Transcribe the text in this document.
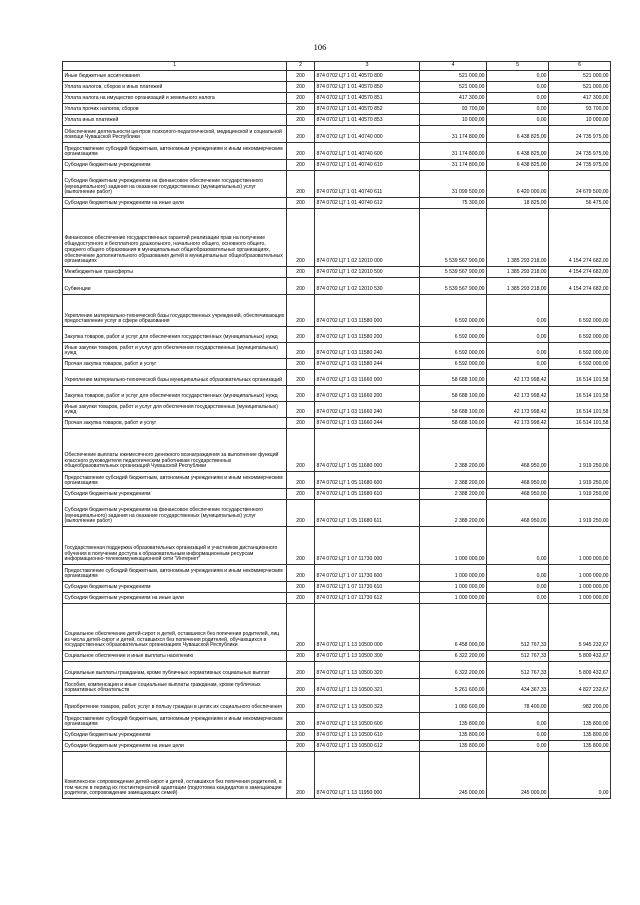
106
1	2	3	4	5	6
Иные бюджетные ассигнования	200	874 0702 Ц7 1 01 40570 800	521 000,00	0,00	521 000,00
Уплата налогов, сборов и иных платежей	200	874 0702 Ц7 1 01 40570 850	521 000,00	0,00	521 000,00
Уплата налога на имущество организаций и земельного налога	200	874 0702 Ц7 1 01 40570 851	417 300,00	0,00	417 300,00
Уплата прочих налогов, сборов	200	874 0702 Ц7 1 01 40570 852	93 700,00	0,00	93 700,00
Уплата иных платежей	200	874 0702 Ц7 1 01 40570 853	10 000,00	0,00	10 000,00
Обеспечение деятельности центров психолого-педагогической, медицинской и социальной помощи Чувашской Республики	200	874 0702 Ц7 1 01 40740 000	31 174 800,00	6 438 825,00	24 735 975,00
Предоставление субсидий бюджетным, автономным учреждениям и иным некоммерческим организациям	200	874 0702 Ц7 1 01 40740 600	31 174 800,00	6 438 825,00	24 735 975,00
Субсидии бюджетным учреждениям	200	874 0702 Ц7 1 01 40740 610	31 174 800,00	6 438 825,00	24 735 975,00
Субсидии бюджетным учреждениям на финансовое обеспечение государственного (муниципального) задания на оказание государственных (муниципальных) услуг (выполнение работ)	200	874 0702 Ц7 1 01 40740 611	31 099 500,00	6 420 000,00	24 679 500,00
Субсидии бюджетным учреждениям на иные цели	200	874 0702 Ц7 1 01 40740 612	75 300,00	18 825,00	56 475,00
Финансовое обеспечение государственных гарантий реализации прав на получение общедоступного и бесплатного дошкольного, начального общего, основного общего, среднего общего образования в муниципальных общеобразовательных организациях, обеспечение дополнительного образования детей в муниципальных общеобразовательных организациях	200	874 0702 Ц7 1 02 12010 000	5 539 567 900,00	1 385 293 218,00	4 154 274 682,00
Межбюджетные трансферты	200	874 0702 Ц7 1 02 12010 500	5 539 567 900,00	1 385 293 218,00	4 154 274 682,00
Субвенции	200	874 0702 Ц7 1 02 12010 530	5 539 567 900,00	1 385 293 218,00	4 154 274 682,00
Укрепление материально-технической базы государственных учреждений, обеспечивающих предоставление услуг в сфере образования	200	874 0702 Ц7 1 03 11580 000	6 592 000,00	0,00	6 592 000,00
Закупка товаров, работ и услуг для обеспечения государственных (муниципальных) нужд	200	874 0702 Ц7 1 03 11580 200	6 592 000,00	0,00	6 592 000,00
Иные закупки товаров, работ и услуг для обеспечения государственных (муниципальных) нужд	200	874 0702 Ц7 1 03 11580 240	6 592 000,00	0,00	6 592 000,00
Прочая закупка товаров, работ и услуг	200	874 0702 Ц7 1 03 11580 244	6 592 000,00	0,00	6 592 000,00
Укрепление материально-технической базы муниципальных образовательных организаций	200	874 0702 Ц7 1 03 11660 000	58 688 100,00	42 173 998,42	16 514 101,58
Закупка товаров, работ и услуг для обеспечения государственных (муниципальных) нужд	200	874 0702 Ц7 1 03 11660 200	58 688 100,00	42 173 998,42	16 514 101,58
Иные закупки товаров, работ и услуг для обеспечения государственных (муниципальных) нужд	200	874 0702 Ц7 1 03 11660 240	58 688 100,00	42 173 998,42	16 514 101,58
Прочая закупка товаров, работ и услуг	200	874 0702 Ц7 1 03 11660 244	58 688 100,00	42 173 998,42	16 514 101,58
Обеспечение выплаты ежемесячного денежного вознаграждения за выполнение функций классного руководителя педагогическим работникам государственных общеобразовательных организаций Чувашской Республики	200	874 0702 Ц7 1 05 11680 000	2 388 200,00	468 950,00	1 919 250,00
Предоставление субсидий бюджетным, автономным учреждениям и иным некоммерческим организациям	200	874 0702 Ц7 1 05 11680 600	2 388 200,00	468 950,00	1 919 250,00
Субсидии бюджетным учреждениям	200	874 0702 Ц7 1 05 11680 610	2 388 200,00	468 950,00	1 919 250,00
Субсидии бюджетным учреждениям на финансовое обеспечение государственного (муниципального) задания на оказание государственных (муниципальных) услуг (выполнение работ)	200	874 0702 Ц7 1 05 11680 611	2 388 200,00	468 950,00	1 919 250,00
Государственная поддержка образовательных организаций и участников дистанционного обучения в получении доступа к образовательным информационным ресурсам информационно-телекоммуникационной сети "Интернет"	200	874 0702 Ц7 1 07 11730 000	1 000 000,00	0,00	1 000 000,00
Предоставление субсидий бюджетным, автономным учреждениям и иным некоммерческим организациям	200	874 0702 Ц7 1 07 11730 600	1 000 000,00	0,00	1 000 000,00
Субсидии бюджетным учреждениям	200	874 0702 Ц7 1 07 11730 610	1 000 000,00	0,00	1 000 000,00
Субсидии бюджетным учреждениям на иные цели	200	874 0702 Ц7 1 07 11730 612	1 000 000,00	0,00	1 000 000,00
Социальное обеспечение детей-сирот и детей, оставшихся без попечения родителей, лиц из числа детей-сирот и детей, оставшихся без попечения родителей, обучающихся в государственных образовательных организациях Чувашской Республики	200	874 0702 Ц7 1 13 10500 000	6 458 000,00	512 767,33	5 945 232,67
Социальное обеспечение и иные выплаты населению	200	874 0702 Ц7 1 13 10500 300	6 322 200,00	512 767,33	5 809 432,67
Социальные выплаты гражданам, кроме публичных нормативных социальных выплат	200	874 0702 Ц7 1 13 10500 320	6 322 200,00	512 767,33	5 809 432,67
Пособия, компенсации и иные социальные выплаты гражданам, кроме публичных нормативных обязательств	200	874 0702 Ц7 1 13 10500 321	5 261 600,00	434 367,33	4 827 232,67
Приобретение товаров, работ, услуг в пользу граждан в целях их социального обеспечения	200	874 0702 Ц7 1 13 10500 323	1 060 600,00	78 400,00	982 200,00
Предоставление субсидий бюджетным, автономным учреждениям и иным некоммерческим организациям	200	874 0702 Ц7 1 13 10500 600	135 800,00	0,00	135 800,00
Субсидии бюджетным учреждениям	200	874 0702 Ц7 1 13 10500 610	135 800,00	0,00	135 800,00
Субсидии бюджетным учреждениям на иные цели	200	874 0702 Ц7 1 13 10500 612	135 800,00	0,00	135 800,00
Комплексное сопровождение детей-сирот и детей, оставшихся без попечения родителей, в том числе в период их постинтернатной адаптации (подготовка кандидатов в замещающие родители, сопровождение замещающих семей)	200	874 0702 Ц7 1 13 11950 000	245 000,00	245 000,00	0,00
